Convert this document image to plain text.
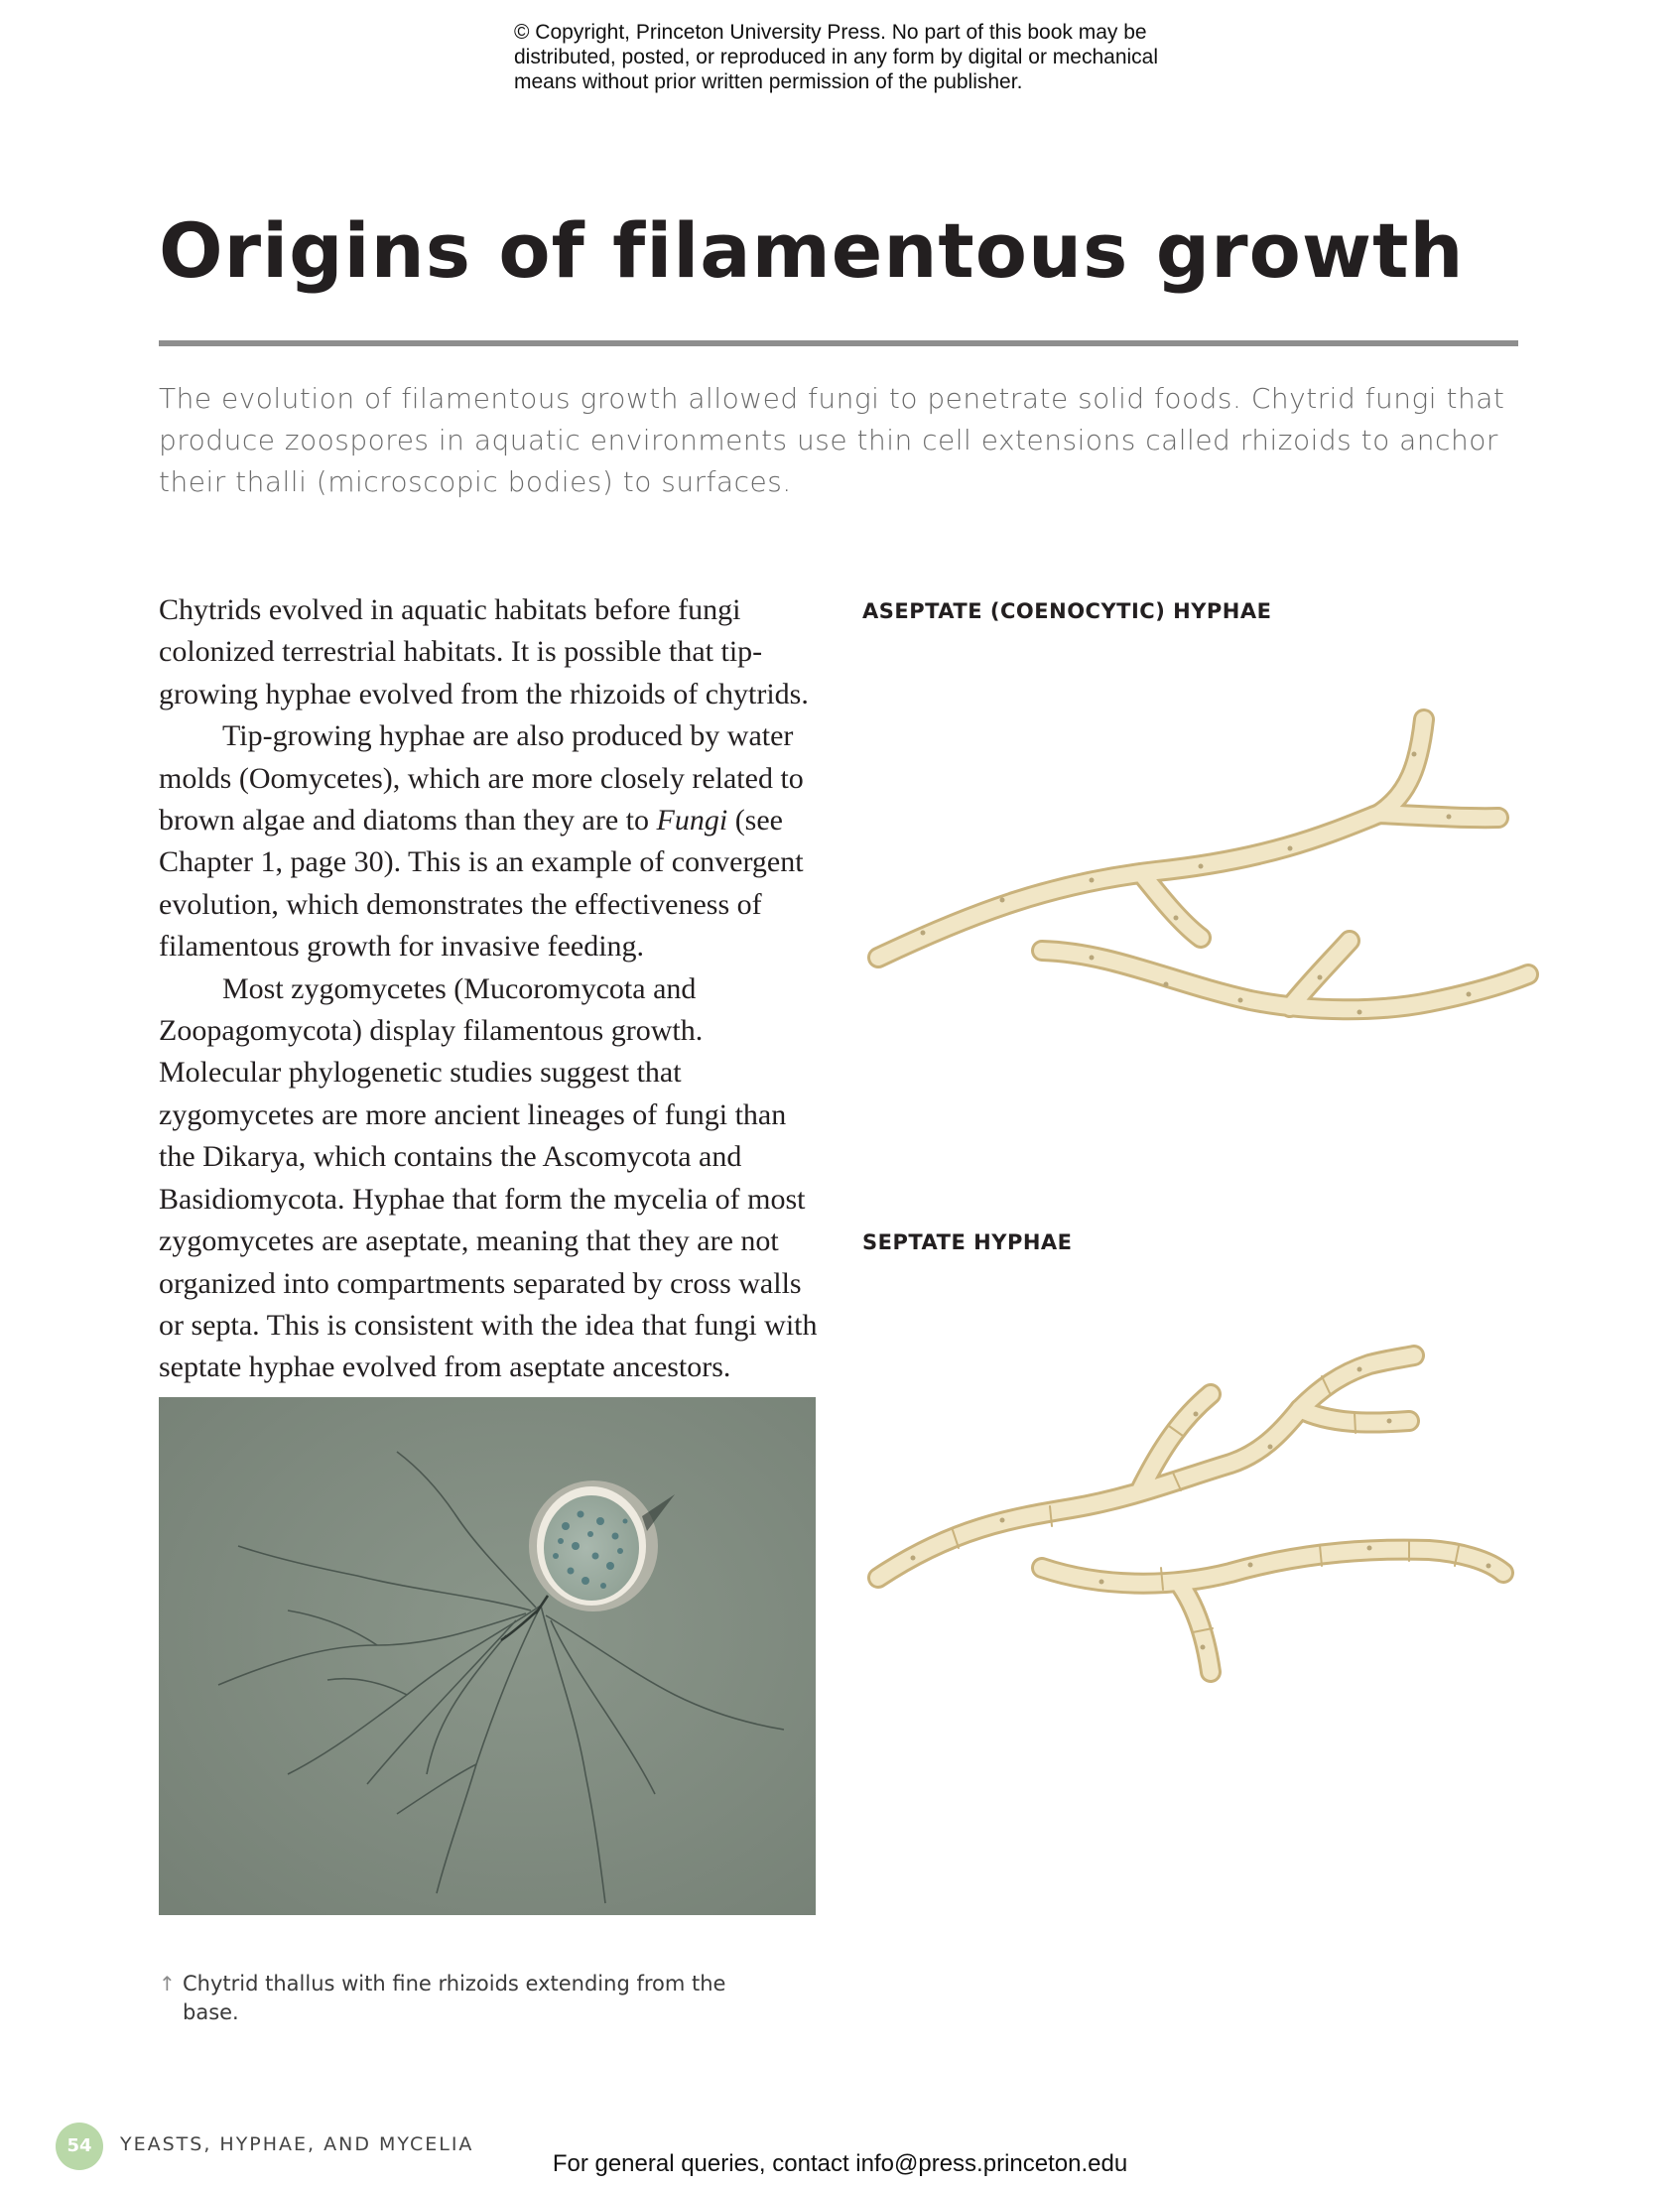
© Copyright, Princeton University Press. No part of this book may be
distributed, posted, or reproduced in any form by digital or mechanical
means without prior written permission of the publisher.
Origins of filamentous growth

The evolution of filamentous growth allowed fungi to penetrate solid foods. Chytrid fungi that produce zoospores in aquatic environments use thin cell extensions called rhizoids to anchor their thalli (microscopic bodies) to surfaces.

Chytrids evolved in aquatic habitats before fungi colonized terrestrial habitats. It is possible that tip-growing hyphae evolved from the rhizoids of chytrids.

Tip-growing hyphae are also produced by water molds (Oomycetes), which are more closely related to brown algae and diatoms than they are to Fungi (see Chapter 1, page 30). This is an example of convergent evolution, which demonstrates the effectiveness of filamentous growth for invasive feeding.

Most zygomycetes (Mucoromycota and Zoopagomycota) display filamentous growth. Molecular phylogenetic studies suggest that zygomycetes are more ancient lineages of fungi than the Dikarya, which contains the Ascomycota and Basidiomycota. Hyphae that form the mycelia of most zygomycetes are aseptate, meaning that they are not organized into compartments separated by cross walls or septa. This is consistent with the idea that fungi with septate hyphae evolved from aseptate ancestors.

ASEPTATE (COENOCYTIC) HYPHAE
SEPTATE HYPHAE
↑ Chytrid thallus with fine rhizoids extending from the base.
54	YEASTS, HYPHAE, AND MYCELIA
For general queries, contact info@press.princeton.edu
